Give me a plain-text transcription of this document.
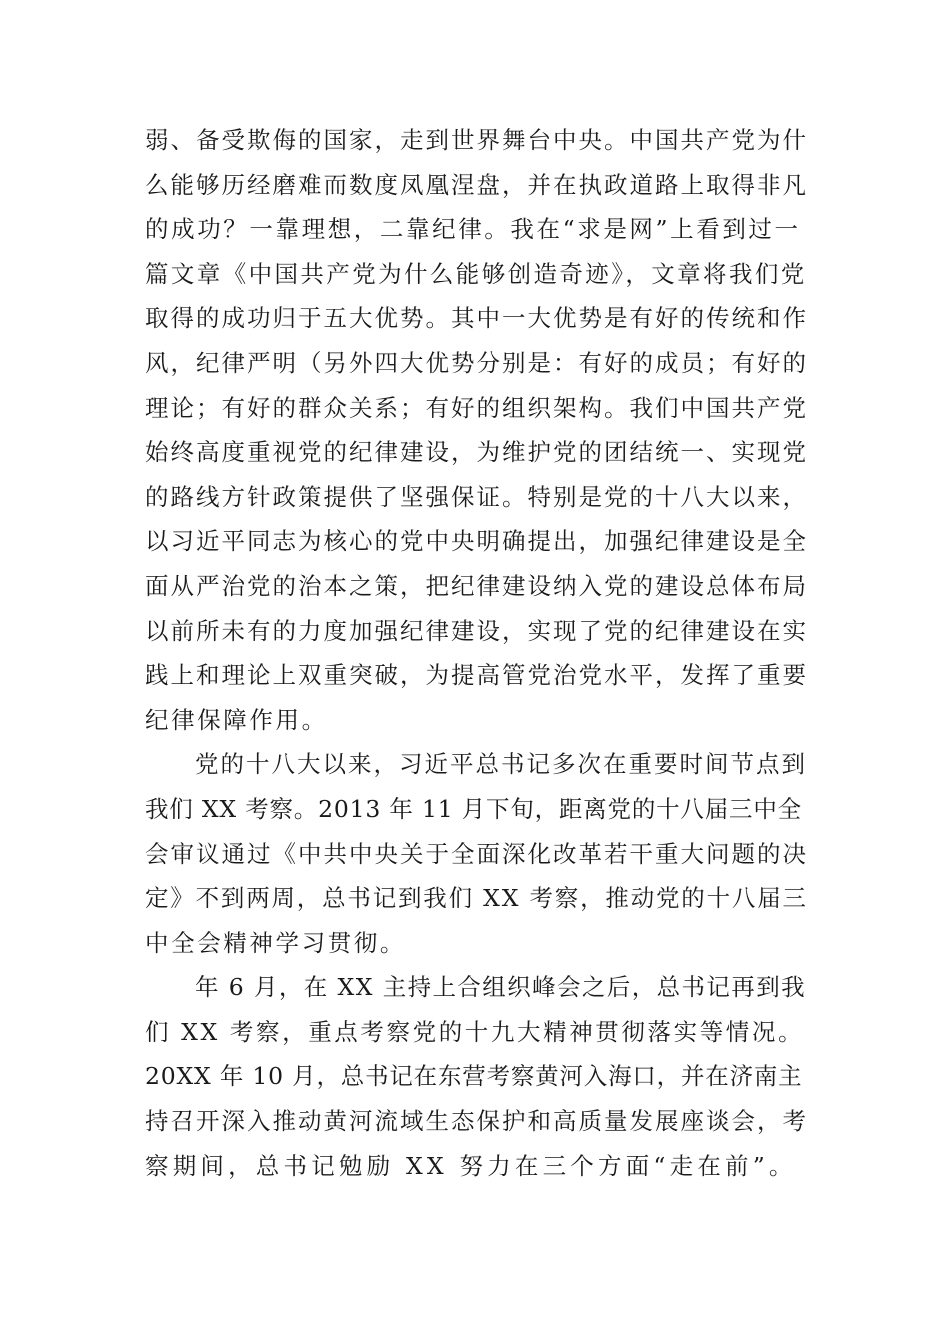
弱、备受欺侮的国家，走到世界舞台中央。中国共产党为什
么能够历经磨难而数度凤凰涅盘，并在执政道路上取得非凡
的成功？一靠理想，二靠纪律。我在“求是网”上看到过一
篇文章《中国共产党为什么能够创造奇迹》，文章将我们党
取得的成功归于五大优势。其中一大优势是有好的传统和作
风，纪律严明（另外四大优势分别是：有好的成员；有好的
理论；有好的群众关系；有好的组织架构。我们中国共产党
始终高度重视党的纪律建设，为维护党的团结统一、实现党
的路线方针政策提供了坚强保证。特别是党的十八大以来，
以习近平同志为核心的党中央明确提出，加强纪律建设是全
面从严治党的治本之策，把纪律建设纳入党的建设总体布局
以前所未有的力度加强纪律建设，实现了党的纪律建设在实
践上和理论上双重突破，为提高管党治党水平，发挥了重要
纪律保障作用。
党的十八大以来，习近平总书记多次在重要时间节点到
我们 XX 考察。2013 年 11 月下旬，距离党的十八届三中全
会审议通过《中共中央关于全面深化改革若干重大问题的决
定》不到两周，总书记到我们 XX 考察，推动党的十八届三
中全会精神学习贯彻。
年 6 月，在 XX 主持上合组织峰会之后，总书记再到我
们 XX 考察，重点考察党的十九大精神贯彻落实等情况。
20XX 年 10 月，总书记在东营考察黄河入海口，并在济南主
持召开深入推动黄河流域生态保护和高质量发展座谈会，考
察期间，总书记勉励 XX 努力在三个方面“走在前”。
